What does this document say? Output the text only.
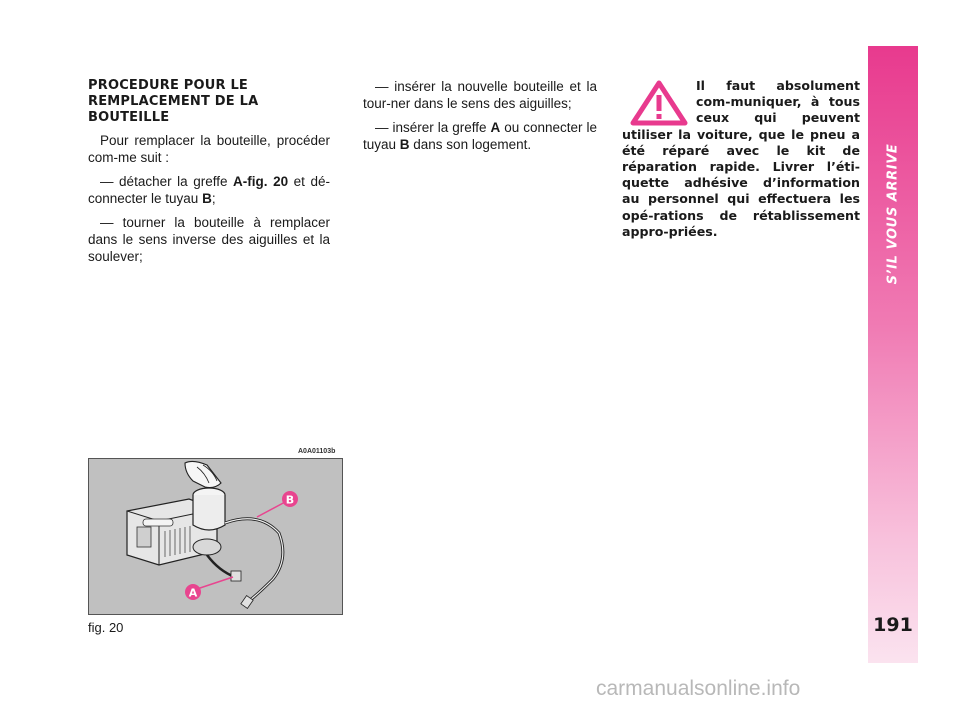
PROCEDURE POUR LE REMPLACEMENT DE LA BOUTEILLE

Pour remplacer la bouteille, procéder com-me suit :

— détacher la greffe A-fig. 20 et dé-connecter le tuyau B;

— tourner la bouteille à remplacer dans le sens inverse des aiguilles et la soulever;

— insérer la nouvelle bouteille et la tour-ner dans le sens des aiguilles;

— insérer la greffe A ou connecter le tuyau B dans son logement.

Il faut absolument com-muniquer, à tous ceux qui peuvent utiliser la voiture, que le pneu a été réparé avec le kit de réparation rapide. Livrer l’éti-quette adhésive d’information au personnel qui effectuera les opé-rations de rétablissement appro-priées.	S’IL VOUS ARRIVE
191
A0A01103b
B
A
fig. 20
carmanualsonline.info
